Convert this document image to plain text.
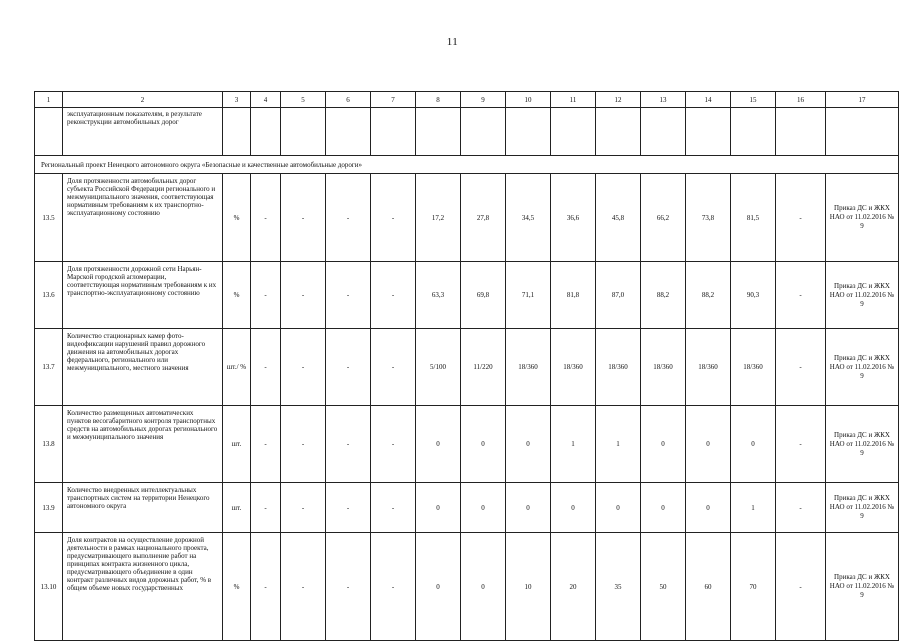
11
1	2	3	4	5	6	7	8	9	10	11	12	13	14	15	16	17
	эксплуатационным показателям, в результате реконструкции автомобильных дорог															
Региональный проект Ненецкого автономного округа «Безопасные и качественные автомобильные дороги»																
13.5	Доля протяженности автомобильных дорог субъекта Российской Федерации регионального и межмуниципального значения, соответствующая нормативным требованиям к их транспортно-эксплуатационному состоянию	%	-	-	-	-	17,2	27,8	34,5	36,6	45,8	66,2	73,8	81,5	-	Приказ ДС и ЖКХ НАО от 11.02.2016 № 9
13.6	Доля протяженности дорожной сети Нарьян-Марской городской агломерации, соответствующая нормативным требованиям к их транспортно-эксплуатационному состоянию	%	-	-	-	-	63,3	69,8	71,1	81,8	87,0	88,2	88,2	90,3	-	Приказ ДС и ЖКХ НАО от 11.02.2016 № 9
13.7	Количество стационарных камер фото-видеофиксации нарушений правил дорожного движения на автомобильных дорогах федерального, регионального или межмуниципального, местного значения	шт./ %	-	-	-	-	5/100	11/220	18/360	18/360	18/360	18/360	18/360	18/360	-	Приказ ДС и ЖКХ НАО от 11.02.2016 № 9
13.8	Количество размещенных автоматических пунктов весогабаритного контроля транспортных средств на автомобильных дорогах регионального и межмуниципального значения	шт.	-	-	-	-	0	0	0	1	1	0	0	0	-	Приказ ДС и ЖКХ НАО от 11.02.2016 № 9
13.9	Количество внедренных интеллектуальных транспортных систем на территории Ненецкого автономного округа	шт.	-	-	-	-	0	0	0	0	0	0	0	1	-	Приказ ДС и ЖКХ НАО от 11.02.2016 № 9
13.10	Доля контрактов на осуществление дорожной деятельности в рамках национального проекта, предусматривающего выполнение работ на принципах контракта жизненного цикла, предусматривающего объединение в один контракт различных видов дорожных работ, % в общем объеме новых государственных	%	-	-	-	-	0	0	10	20	35	50	60	70	-	Приказ ДС и ЖКХ НАО от 11.02.2016 № 9
